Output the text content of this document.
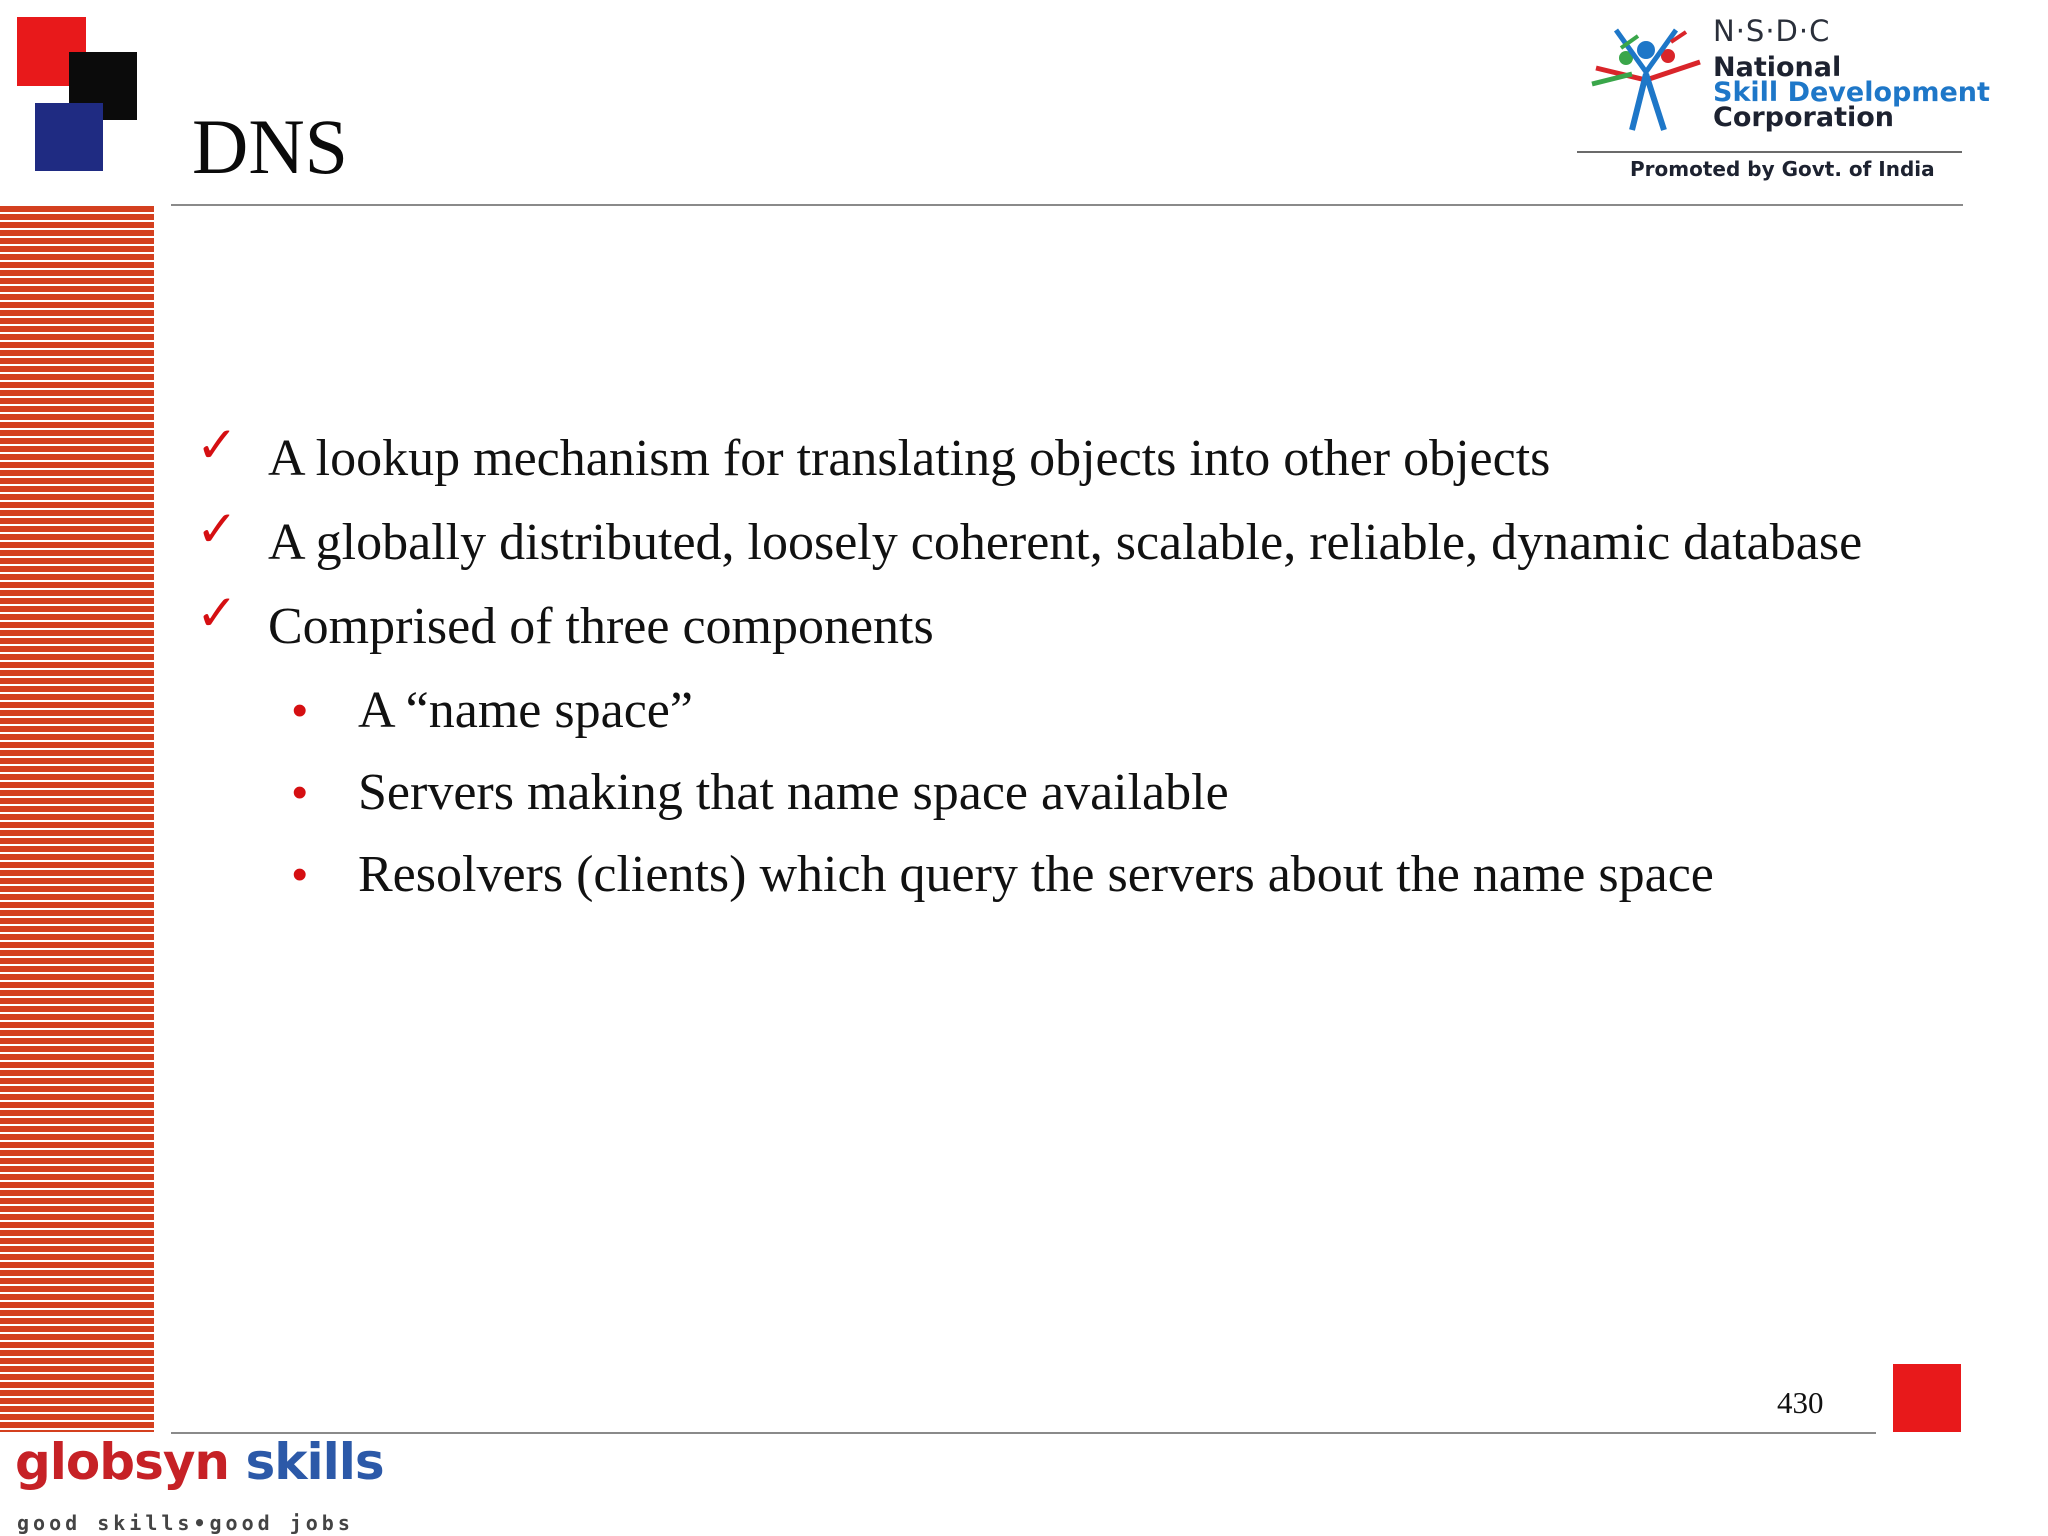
DNS
N·S·D·C
National
Skill Development
Corporation
Promoted by Govt. of India
✓ A lookup mechanism for translating objects into other objects
✓ A globally distributed, loosely coherent, scalable, reliable, dynamic database
✓ Comprised of three components
• A “name space”
• Servers making that name space available
• Resolvers (clients) which query the servers about the name space
430
globsyn skills
good skills•good jobs
